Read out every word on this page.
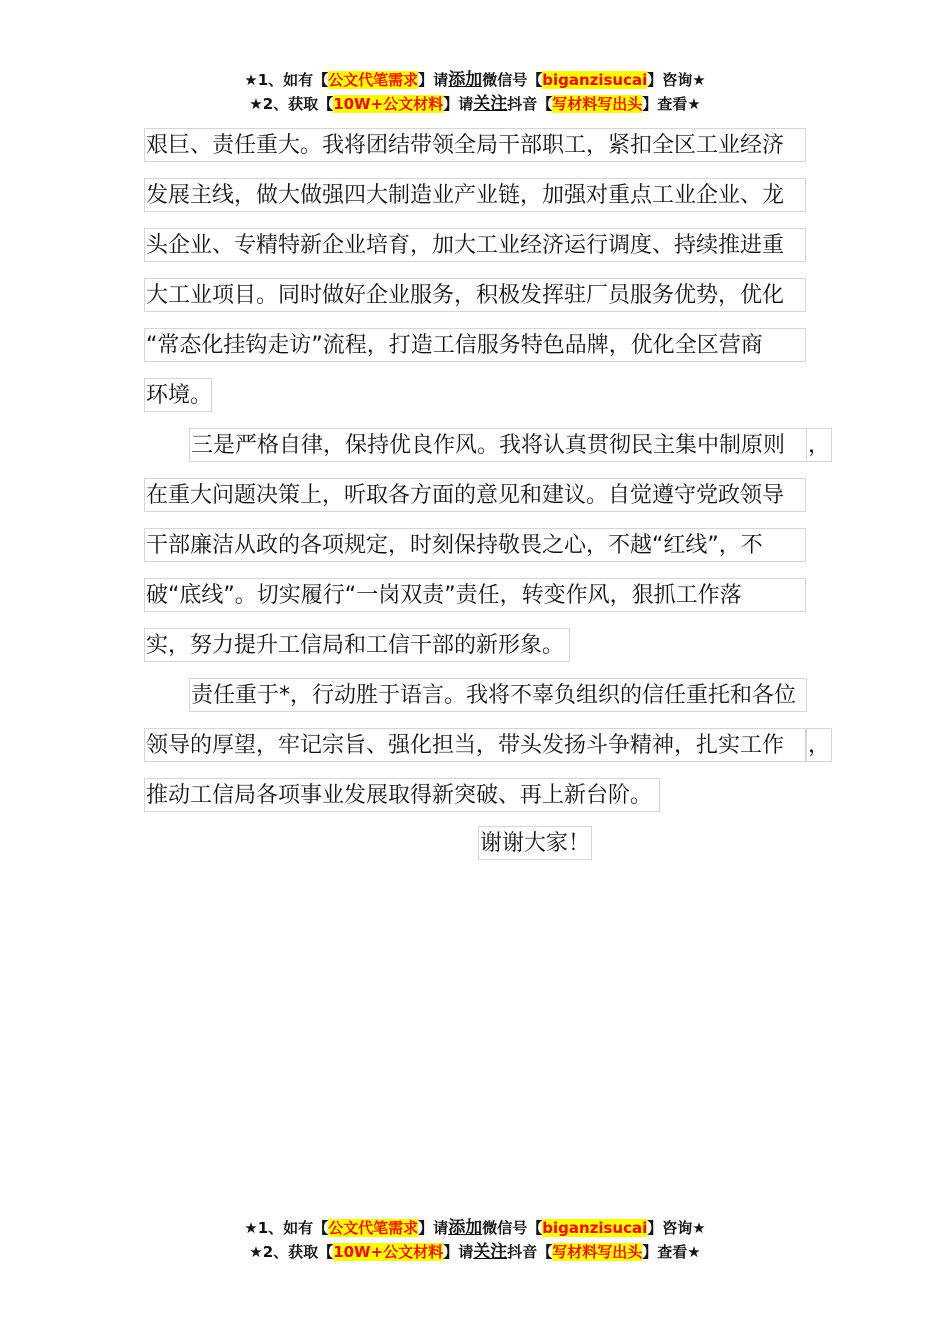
★1、如有【公文代笔需求】请添加微信号【biganzisucai】咨询★
★2、获取【10W+公文材料】请关注抖音【写材料写出头】查看★
艰巨、责任重大。我将团结带领全局干部职工，紧扣全区工业经济
发展主线，做大做强四大制造业产业链，加强对重点工业企业、龙
头企业、专精特新企业培育，加大工业经济运行调度、持续推进重
大工业项目。同时做好企业服务，积极发挥驻厂员服务优势，优化
“常态化挂钩走访”流程，打造工信服务特色品牌，优化全区营商
环境。
三是严格自律，保持优良作风。我将认真贯彻民主集中制原则	，
在重大问题决策上，听取各方面的意见和建议。自觉遵守党政领导
干部廉洁从政的各项规定，时刻保持敬畏之心，不越“红线”，不
破“底线”。切实履行“一岗双责”责任，转变作风，狠抓工作落
实，努力提升工信局和工信干部的新形象。
责任重于*，行动胜于语言。我将不辜负组织的信任重托和各位
领导的厚望，牢记宗旨、强化担当，带头发扬斗争精神，扎实工作	，
推动工信局各项事业发展取得新突破、再上新台阶。
谢谢大家！
★1、如有【公文代笔需求】请添加微信号【biganzisucai】咨询★
★2、获取【10W+公文材料】请关注抖音【写材料写出头】查看★
